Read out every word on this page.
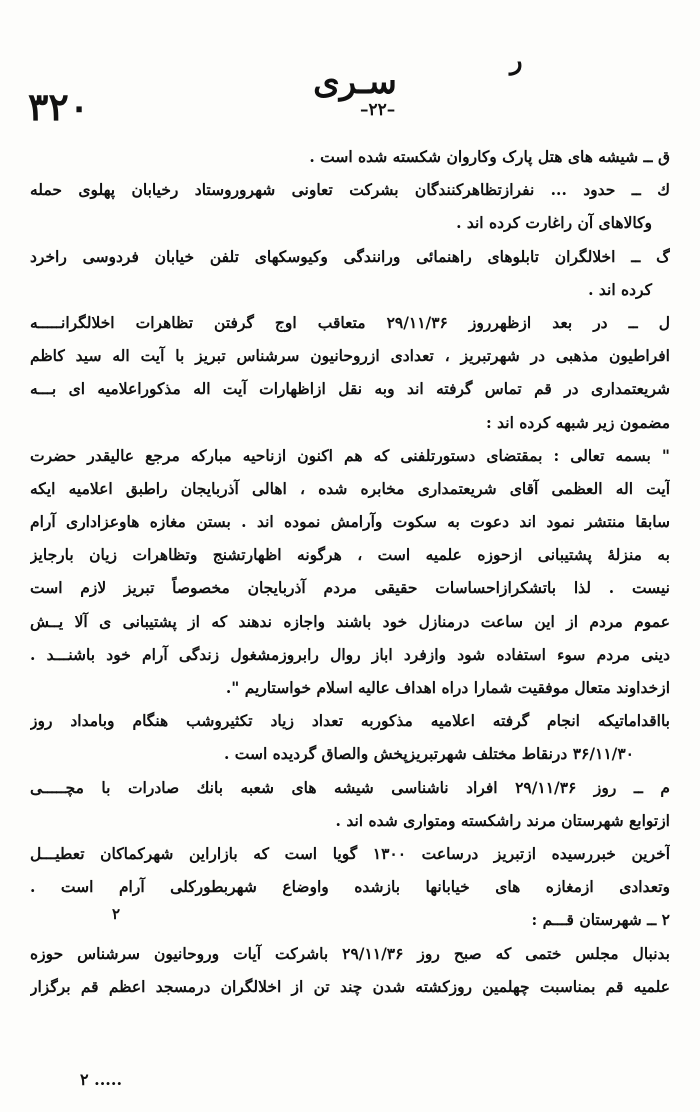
سـرى
ر
۳۲۰	–۲۲–
ق ــ شیشه های هتل پارک وکاروان شکسته شده است .
ك ــ حدود ... نفرازتظاهرکنندگان بشرکت تعاونی شهروروستاد رخیابان پهلوی حمله
وکالاهای آن راغارت کرده اند .
گ ــ اخلالگران تابلوهای راهنمائی ورانندگی وکیوسکهای تلفن خیابان فردوسی راخرد
کرده اند .
ل ــ در بعد ازظهرروز ۲۹/۱۱/۳۶ متعاقب اوج گرفتن تظاهرات اخلالگرانـــــه
افراطیون مذهبی در شهرتبریز ، تعدادی ازروحانیون سرشناس تبریز با آیت اله سید کاظم
شریعتمداری در قم تماس گرفته اند وبه نقل ازاظهارات آیت اله مذکوراعلامیه ای بـــه
مضمون زیر شبهه کرده اند :
" بسمه تعالی : بمقتضای دستورتلفنی که هم اکنون ازناحیه مبارکه مرجع عالیقدر حضرت
آیت اله العظمی آقای شریعتمداری مخابره شده ، اهالی آذربایجان راطبق اعلامیه ایکه
سابقا منتشر نمود اند دعوت به سکوت وآرامش نموده اند . بستن مغازه هاوعزاداری آرام
به منزلهٔ پشتیبانی ازحوزه علمیه است ، هرگونه اظهارتشنج وتظاهرات زیان بارجایز
نیست . لذا باتشکرازاحساسات حقیقی مردم آذربایجان مخصوصاً تبریز لازم است
عموم مردم از این ساعت درمنازل خود باشند واجازه ندهند که از پشتیبانی ی آلا یــش
دینی مردم سوء استفاده شود وازفرد اباز روال رابروزمشغول زندگی آرام خود باشنـــد .
ازخداوند متعال موفقیت شمارا دراه اهداف عالیه اسلام خواستاریم ".
بااقداماتیکه انجام گرفته اعلامیه مذکوربه تعداد زیاد تکثیروشب هنگام وبامداد روز
۳۶/۱۱/۳۰ درنقاط مختلف شهرتبریزپخش والصاق گردیده است .
م ــ روز ۲۹/۱۱/۳۶ افراد ناشناسی شیشه های شعبه بانك صادرات با مچـــــی
ازتوابع شهرستان مرند راشکسته ومتواری شده اند .
آخرین خبررسیده ازتبریز درساعت ۱۳۰۰ گویا است که بازاراین شهرکماکان تعطیـــل
وتعدادی ازمغازه های خیابانها بازشده واوضاع شهربطورکلی آرام است .
۲ ــ شهرستان قـــم :
بدنبال مجلس ختمی که صبح روز ۲۹/۱۱/۳۶ باشرکت آیات وروحانیون سرشناس حوزه
علمیه قم بمناسبت چهلمین روزکشته شدن چند تن از اخلالگران درمسجد اعظم قم برگزار
۲
..... ۲
